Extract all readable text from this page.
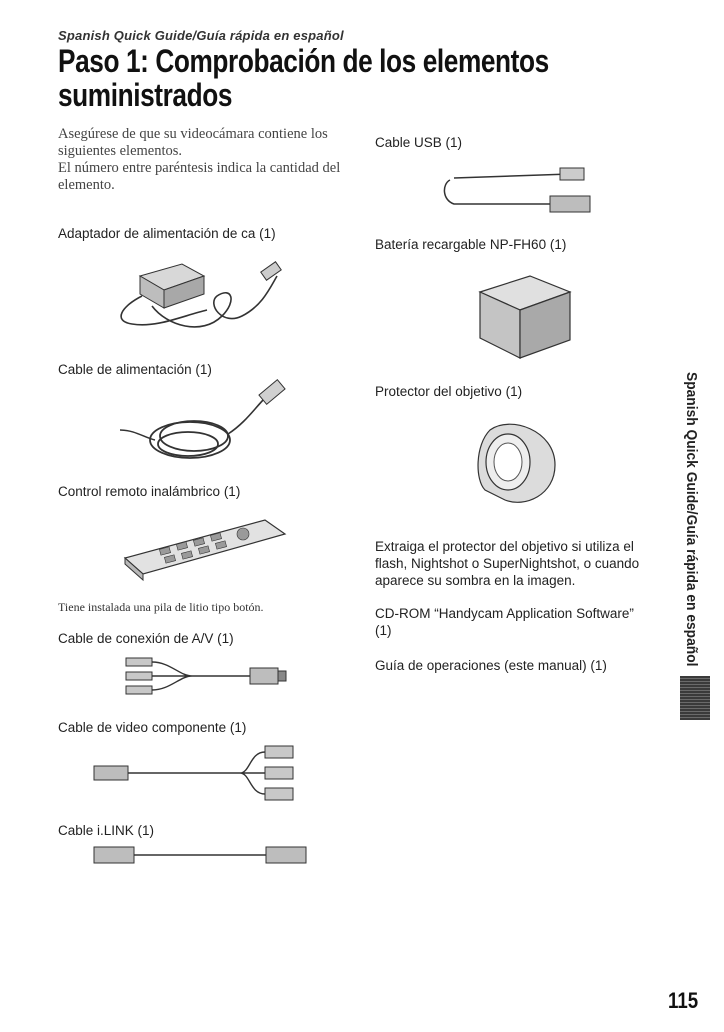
Spanish Quick Guide/Guía rápida en español
Paso 1: Comprobación de los elementos suministrados
Asegúrese de que su videocámara contiene los siguientes elementos.
El número entre paréntesis indica la cantidad del elemento.
Adaptador de alimentación de ca (1)
Cable de alimentación (1)
Control remoto inalámbrico (1)
Tiene instalada una pila de litio tipo botón.
Cable de conexión de A/V (1)
Cable de video componente (1)
Cable i.LINK (1)
Cable USB (1)
Batería recargable NP-FH60 (1)
Protector del objetivo (1)
Extraiga el protector del objetivo si utiliza el flash, Nightshot o SuperNightshot, o cuando aparece su sombra en la imagen.
CD-ROM “Handycam Application Software” (1)
Guía de operaciones (este manual) (1)	Spanish Quick Guide/Guía rápida en español
115
